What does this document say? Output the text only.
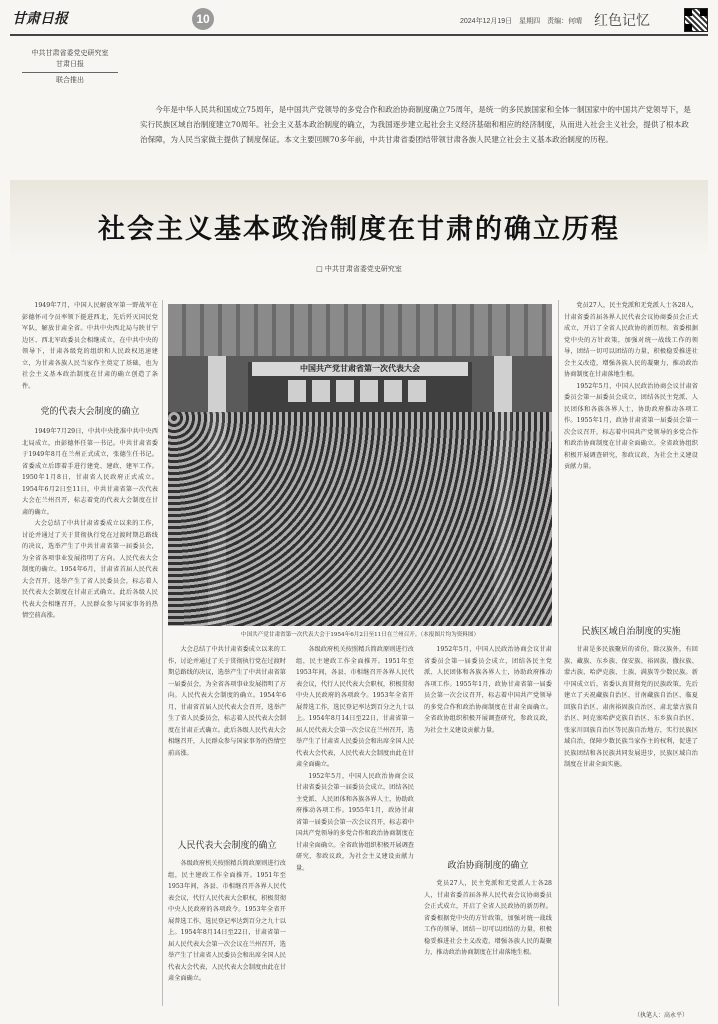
甘肃日报	10	2024年12月19日　星期四　责编：何晴 红色记忆
中共甘肃省委党史研究室
甘肃日报
联合推出
今年是中华人民共和国成立75周年，是中国共产党领导的多党合作和政治协商制度确立75周年，是统一的多民族国家和全体一制国家中的中国共产党领导下，是实行民族区域自治制度建立70周年。社会主义基本政治制度的确立，为我国逐步建立起社会主义经济基础和相应的经济制度，从而进入社会主义社会，提供了根本政治保障，为人民当家做主提供了制度保证。本文主要回顾70多年前，中共甘肃省委团结带领甘肃各族人民建立社会主义基本政治制度的历程。
社会主义基本政治制度在甘肃的确立历程
□ 中共甘肃省委党史研究室
中国共产党甘肃省第一次代表大会
中国共产党甘肃省第一次代表大会于1954年6月2日至11日在兰州召开。（本报图片均为资料图）

1949年7月，中国人民解放军第一野战军在彭德怀司令员率领下挺进西北，先后歼灭国民党军队，解放甘肃全省。中共中央西北局与陕甘宁边区、西北军政委员会相继成立，在中共中央的领导下，甘肃各级党的组织和人民政权迅速建立，为甘肃各族人民当家作主奠定了基础，也为社会主义基本政治制度在甘肃的确立创造了条件。

党的代表大会制度的确立

1949年7月29日，中共中央批准中共中央西北局成立，由彭德怀任第一书记。中共甘肃省委于1949年8月在兰州正式成立，张德生任书记。省委成立后即着手进行建党、建政、建军工作。1950年1月8日，甘肃省人民政府正式成立。1954年6月2日至11日，中共甘肃省第一次代表大会在兰州召开，标志着党的代表大会制度在甘肃的确立。

大会总结了中共甘肃省委成立以来的工作，讨论并通过了关于贯彻执行党在过渡时期总路线的决议，选举产生了中共甘肃省第一届委员会，为全省各项事业发展指明了方向。人民代表大会制度的确立。1954年6月，甘肃省首届人民代表大会召开，选举产生了省人民委员会，标志着人民代表大会制度在甘肃正式确立。此后各级人民代表大会相继召开，人民群众参与国家事务的热情空前高涨。

大会总结了中共甘肃省委成立以来的工作，讨论并通过了关于贯彻执行党在过渡时期总路线的决议，选举产生了中共甘肃省第一届委员会，为全省各项事业发展指明了方向。人民代表大会制度的确立。1954年6月，甘肃省首届人民代表大会召开，选举产生了省人民委员会，标志着人民代表大会制度在甘肃正式确立。此后各级人民代表大会相继召开，人民群众参与国家事务的热情空前高涨。

人民代表大会制度的确立

各级政府机关按照精兵简政原则进行改组，民主建政工作全面推开。1951年至1953年间，各县、市相继召开各界人民代表会议，代行人民代表大会职权，积极贯彻中央人民政府的各项政令。1953年全省开展普选工作，选民登记率达到百分之九十以上。1954年8月14日至22日，甘肃省第一届人民代表大会第一次会议在兰州召开，选举产生了甘肃省人民委员会和出席全国人民代表大会代表，人民代表大会制度由此在甘肃全面确立。

各级政府机关按照精兵简政原则进行改组，民主建政工作全面推开。1951年至1953年间，各县、市相继召开各界人民代表会议，代行人民代表大会职权，积极贯彻中央人民政府的各项政令。1953年全省开展普选工作，选民登记率达到百分之九十以上。1954年8月14日至22日，甘肃省第一届人民代表大会第一次会议在兰州召开，选举产生了甘肃省人民委员会和出席全国人民代表大会代表，人民代表大会制度由此在甘肃全面确立。

1952年5月，中国人民政治协商会议甘肃省委员会第一届委员会成立，团结各民主党派、人民团体和各族各界人士，协助政府推动各项工作。1955年1月，政协甘肃省第一届委员会第一次会议召开，标志着中国共产党领导的多党合作和政治协商制度在甘肃全面确立。全省政协组织积极开展调查研究，参政议政，为社会主义建设贡献力量。

1952年5月，中国人民政治协商会议甘肃省委员会第一届委员会成立，团结各民主党派、人民团体和各族各界人士，协助政府推动各项工作。1955年1月，政协甘肃省第一届委员会第一次会议召开，标志着中国共产党领导的多党合作和政治协商制度在甘肃全面确立。全省政协组织积极开展调查研究，参政议政，为社会主义建设贡献力量。

政治协商制度的确立

党员27人，民主党派和无党派人士各28人，甘肃省委首届各界人民代表会议协商委员会正式成立，开启了全省人民政协的新历程。省委根据党中央的方针政策，加强对统一战线工作的领导，团结一切可以团结的力量，积极稳妥推进社会主义改造，增强各族人民的凝聚力，推动政治协商制度在甘肃落地生根。

党员27人，民主党派和无党派人士各28人，甘肃省委首届各界人民代表会议协商委员会正式成立，开启了全省人民政协的新历程。省委根据党中央的方针政策，加强对统一战线工作的领导，团结一切可以团结的力量，积极稳妥推进社会主义改造，增强各族人民的凝聚力，推动政治协商制度在甘肃落地生根。

1952年5月，中国人民政治协商会议甘肃省委员会第一届委员会成立，团结各民主党派、人民团体和各族各界人士，协助政府推动各项工作。1955年1月，政协甘肃省第一届委员会第一次会议召开，标志着中国共产党领导的多党合作和政治协商制度在甘肃全面确立。全省政协组织积极开展调查研究，参政议政，为社会主义建设贡献力量。

民族区域自治制度的实施

甘肃是多民族聚居的省份，除汉族外，有回族、藏族、东乡族、保安族、裕固族、撒拉族、蒙古族、哈萨克族、土族、满族等少数民族。新中国成立后，省委认真贯彻党的民族政策，先后建立了天祝藏族自治区、甘南藏族自治区、临夏回族自治区、肃南裕固族自治区、肃北蒙古族自治区、阿克塞哈萨克族自治区、东乡族自治区、张家川回族自治区等民族自治地方，实行民族区域自治，保障少数民族当家作主的权利，促进了民族团结和各民族共同发展进步，民族区域自治制度在甘肃全面实施。

（执笔人：高永平）
